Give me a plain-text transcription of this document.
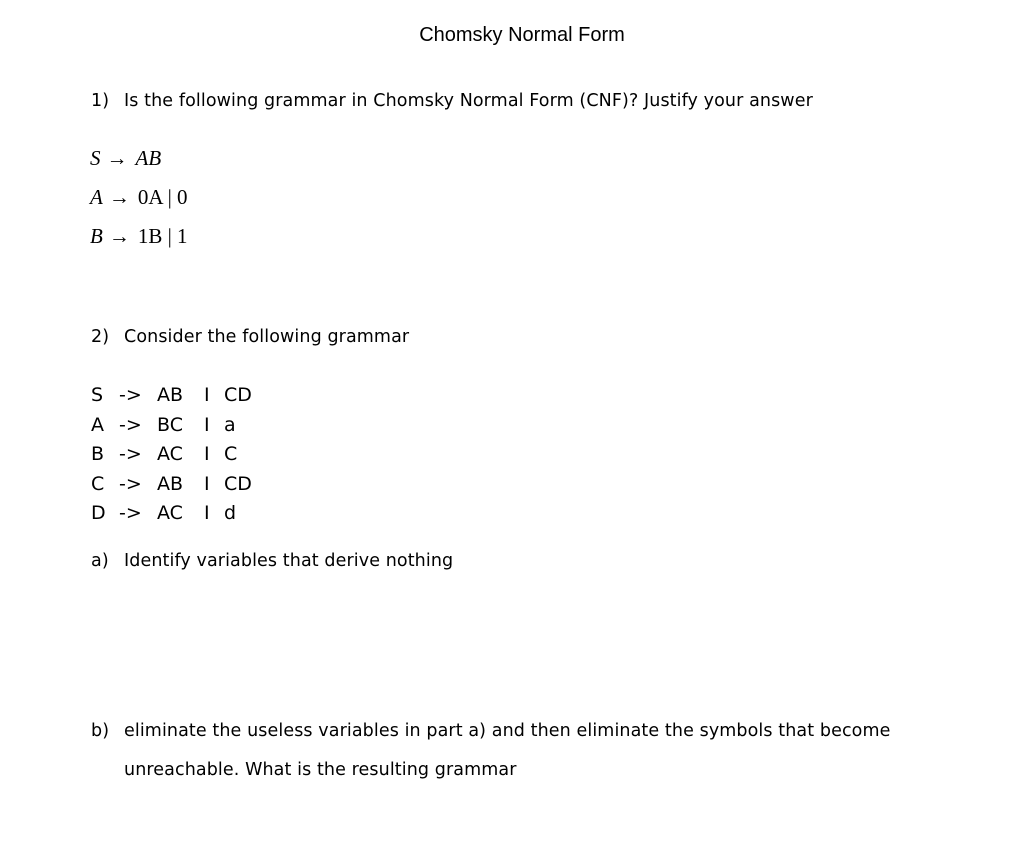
Chomsky Normal Form
1) Is the following grammar in Chomsky Normal Form (CNF)? Justify your answer
S → AB
A → 0A | 0
B → 1B | 1
2) Consider the following grammar
S -> AB I CD
A -> BC I a
B -> AC I C
C -> AB I CD
D -> AC I d
a) Identify variables that derive nothing
b) eliminate the useless variables in part a) and then eliminate the symbols that become
unreachable. What is the resulting grammar
